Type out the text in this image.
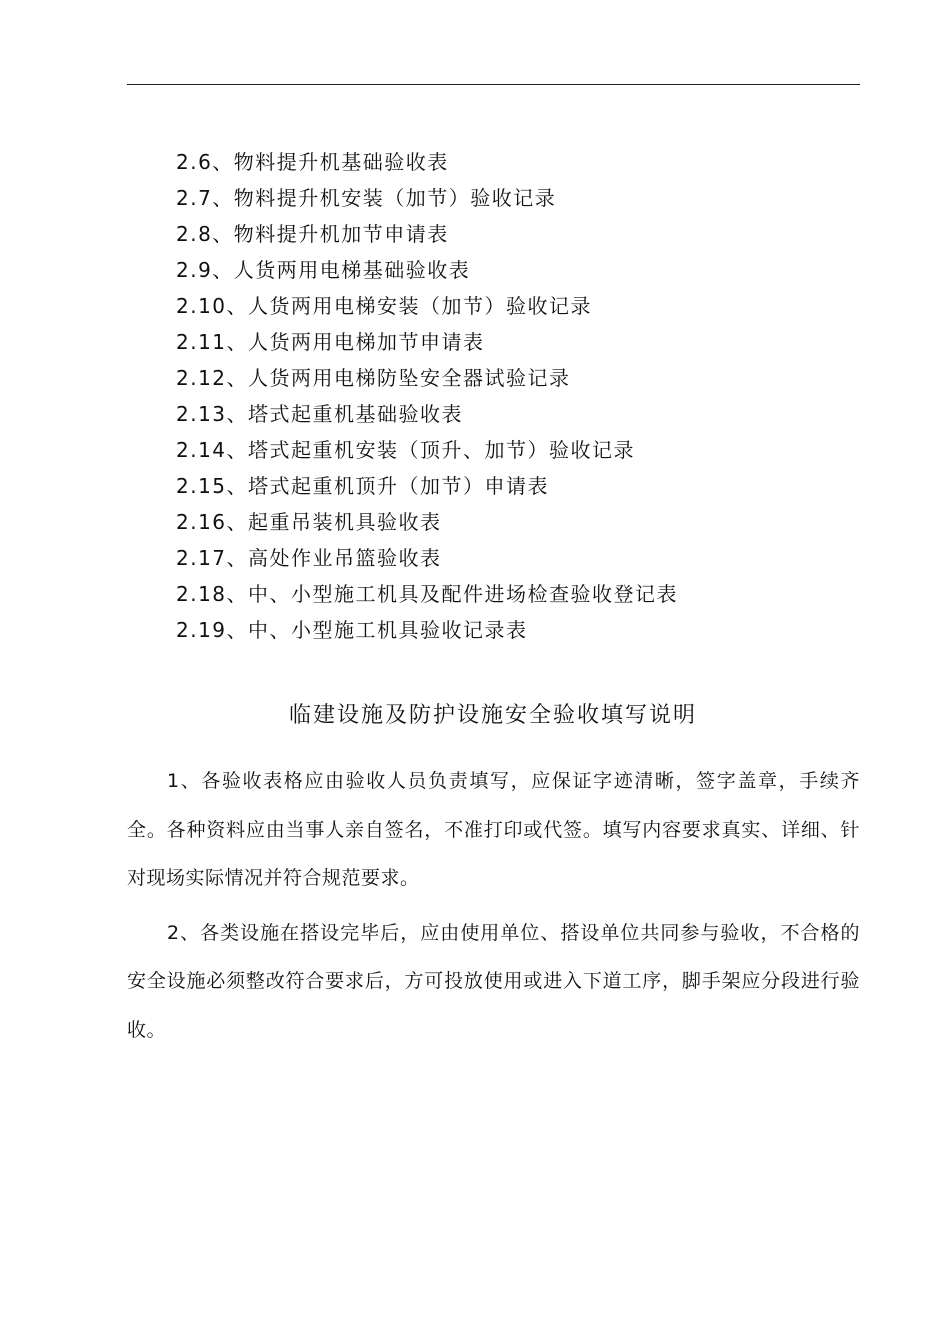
2.6、物料提升机基础验收表
2.7、物料提升机安装（加节）验收记录
2.8、物料提升机加节申请表
2.9、人货两用电梯基础验收表
2.10、人货两用电梯安装（加节）验收记录
2.11、人货两用电梯加节申请表
2.12、人货两用电梯防坠安全器试验记录
2.13、塔式起重机基础验收表
2.14、塔式起重机安装（顶升、加节）验收记录
2.15、塔式起重机顶升（加节）申请表
2.16、起重吊装机具验收表
2.17、高处作业吊篮验收表
2.18、中、小型施工机具及配件进场检查验收登记表
2.19、中、小型施工机具验收记录表
临建设施及防护设施安全验收填写说明

1、各验收表格应由验收人员负责填写，应保证字迹清晰，签字盖章，手续齐全。各种资料应由当事人亲自签名，不准打印或代签。填写内容要求真实、详细、针对现场实际情况并符合规范要求。

2、各类设施在搭设完毕后，应由使用单位、搭设单位共同参与验收，不合格的安全设施必须整改符合要求后，方可投放使用或进入下道工序，脚手架应分段进行验收。
